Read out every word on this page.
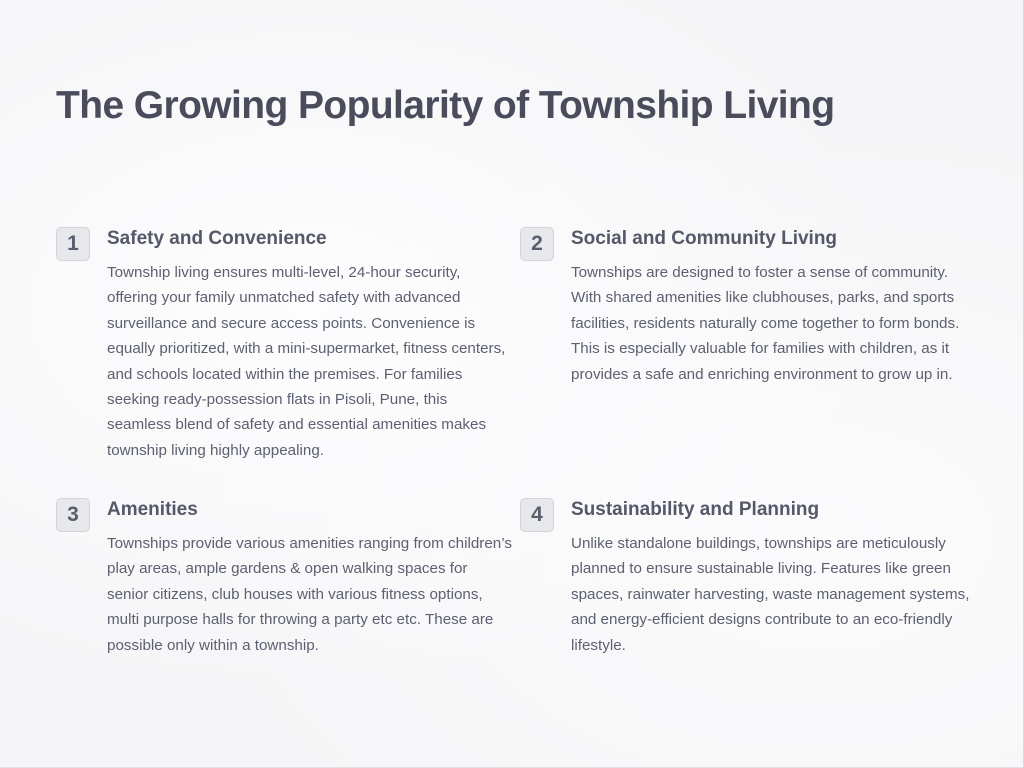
The Growing Popularity of Township Living
1	Safety and Convenience

Township living ensures multi-level, 24-hour security, offering your family unmatched safety with advanced surveillance and secure access points. Convenience is equally prioritized, with a mini-supermarket, fitness centers, and schools located within the premises. For families seeking ready-possession flats in Pisoli, Pune, this seamless blend of safety and essential amenities makes township living highly appealing.

2	Social and Community Living

Townships are designed to foster a sense of community. With shared amenities like clubhouses, parks, and sports facilities, residents naturally come together to form bonds. This is especially valuable for families with children, as it provides a safe and enriching environment to grow up in.

3	Amenities

Townships provide various amenities ranging from children’s play areas, ample gardens & open walking spaces for senior citizens, club houses with various fitness options, multi purpose halls for throwing a party etc etc. These are possible only within a township.

4	Sustainability and Planning

Unlike standalone buildings, townships are meticulously planned to ensure sustainable living. Features like green spaces, rainwater harvesting, waste management systems, and energy-efficient designs contribute to an eco-friendly lifestyle.
